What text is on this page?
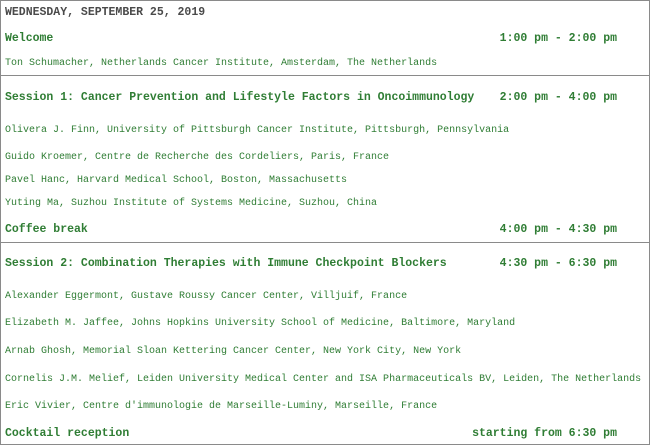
WEDNESDAY, SEPTEMBER 25, 2019
Welcome	1:00 pm - 2:00 pm
Ton Schumacher, Netherlands Cancer Institute, Amsterdam, The Netherlands
Session 1: Cancer Prevention and Lifestyle Factors in Oncoimmunology 2:00 pm - 4:00 pm
Olivera J. Finn, University of Pittsburgh Cancer Institute, Pittsburgh, Pennsylvania
Guido Kroemer, Centre de Recherche des Cordeliers, Paris, France
Pavel Hanc, Harvard Medical School, Boston, Massachusetts
Yuting Ma, Suzhou Institute of Systems Medicine, Suzhou, China
Coffee break	4:00 pm - 4:30 pm
Session 2: Combination Therapies with Immune Checkpoint Blockers	4:30 pm - 6:30 pm
Alexander Eggermont, Gustave Roussy Cancer Center, Villjuif, France
Elizabeth M. Jaffee, Johns Hopkins University School of Medicine, Baltimore, Maryland
Arnab Ghosh, Memorial Sloan Kettering Cancer Center, New York City, New York
Cornelis J.M. Melief, Leiden University Medical Center and ISA Pharmaceuticals BV, Leiden, The Netherlands
Eric Vivier, Centre d'immunologie de Marseille-Luminy, Marseille, France
Cocktail reception	starting from 6:30 pm
